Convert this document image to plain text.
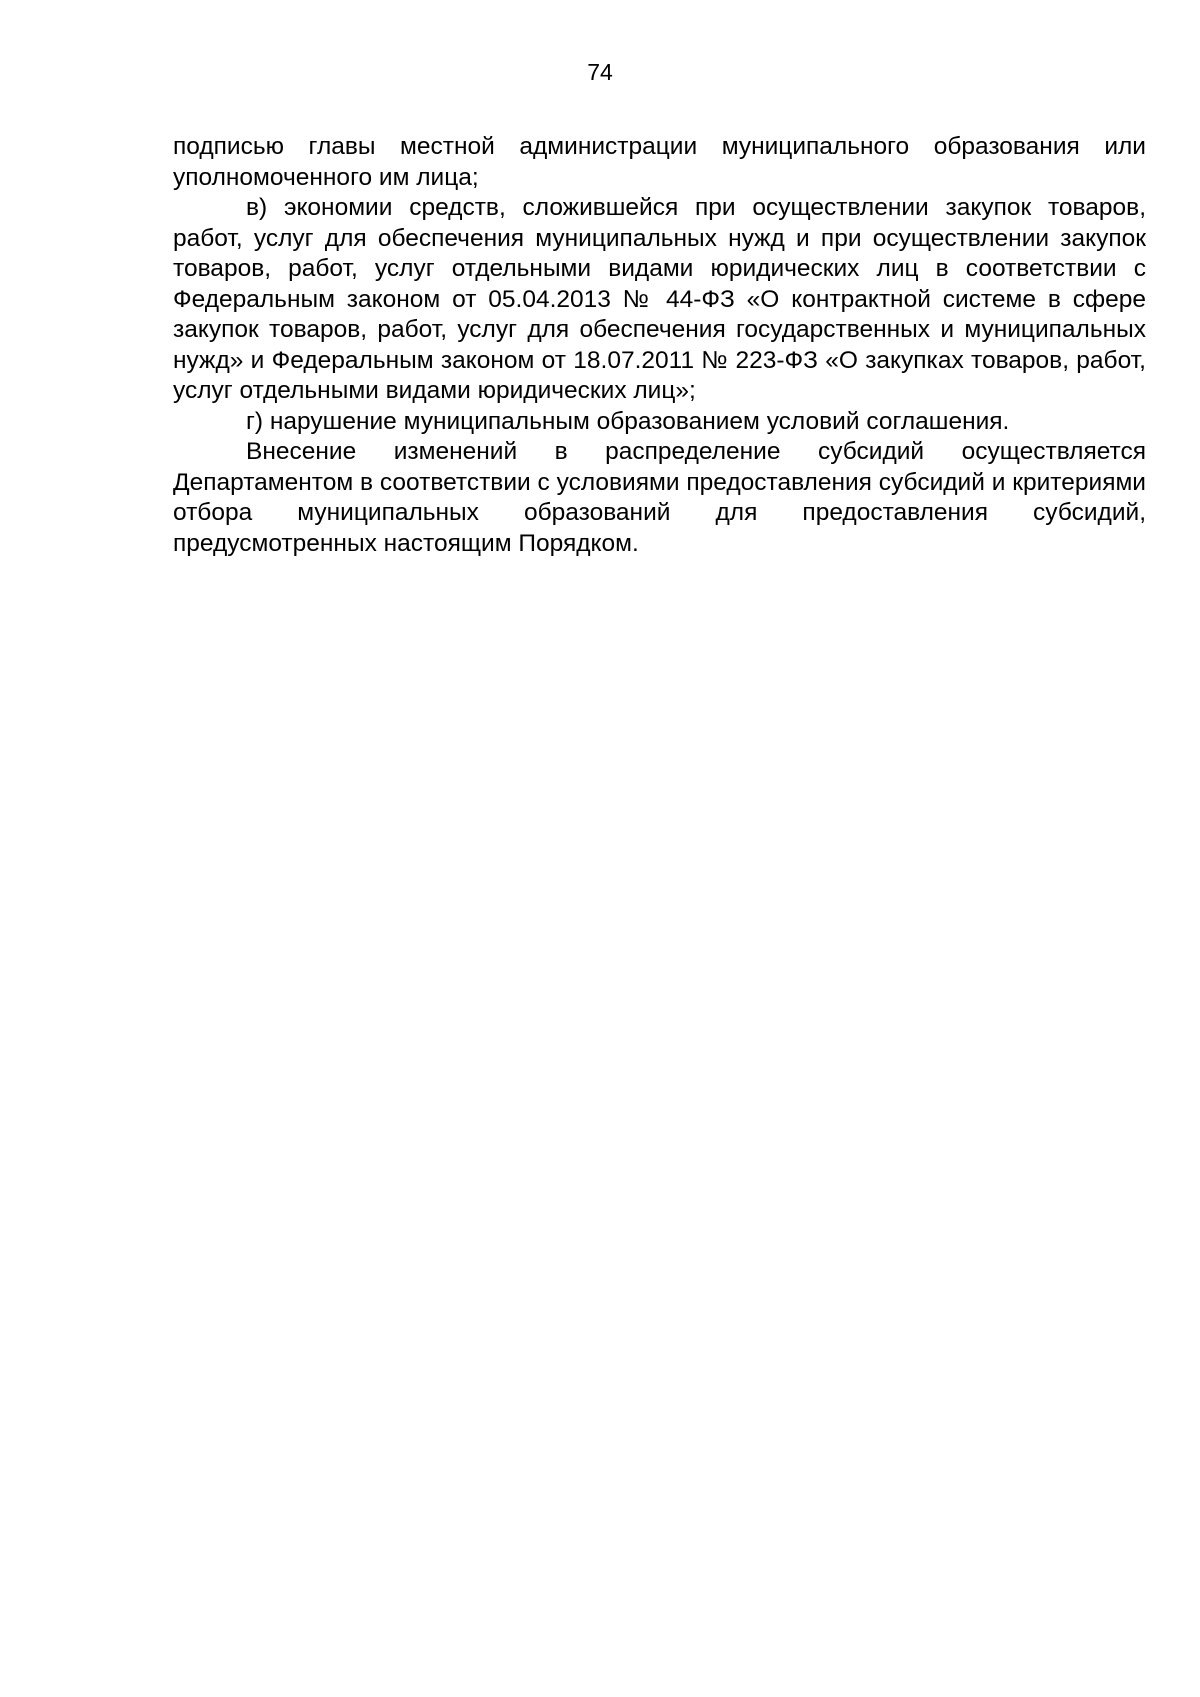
74

подписью главы местной администрации муниципального образования или уполномоченного им лица;

в) экономии средств, сложившейся при осуществлении закупок товаров, работ, услуг для обеспечения муниципальных нужд и при осуществлении закупок товаров, работ, услуг отдельными видами юридических лиц в соответствии с Федеральным законом от 05.04.2013 № 44-ФЗ «О контрактной системе в сфере закупок товаров, работ, услуг для обеспечения государственных и муниципальных нужд» и Федеральным законом от 18.07.2011 № 223-ФЗ «О закупках товаров, работ, услуг отдельными видами юридических лиц»;

г) нарушение муниципальным образованием условий соглашения.

Внесение изменений в распределение субсидий осуществляется Департаментом в соответствии с условиями предоставления субсидий и критериями отбора муниципальных образований для предоставления субсидий, предусмотренных настоящим Порядком.
